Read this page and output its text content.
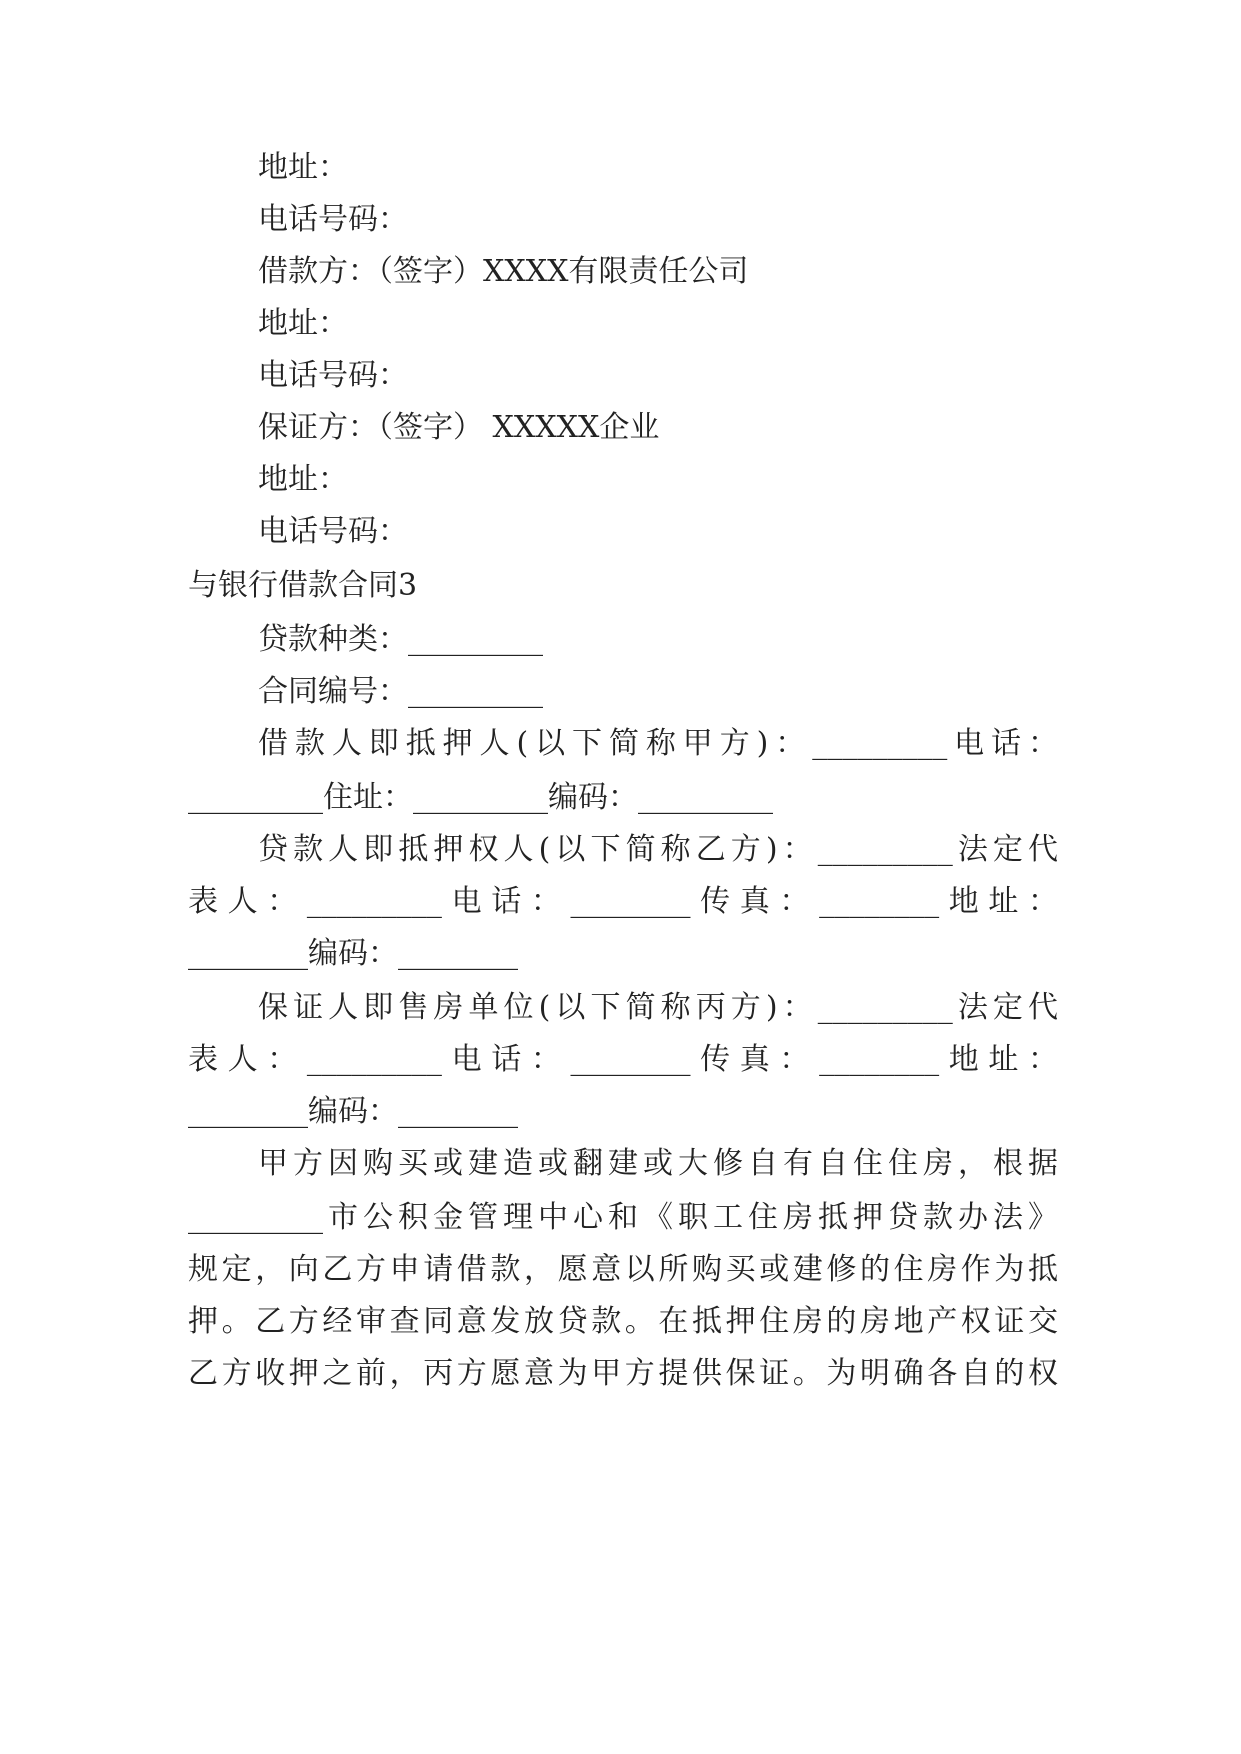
地址：

电话号码：

借款方：（签字）XXXX有限责任公司

地址：

电话号码：

保证方：（签字） XXXXX企业

地址：

电话号码：

与银行借款合同3

贷款种类：_________

合同编号：_________

借款人即抵押人(以下简称甲方)：_________电话：

_________住址：_________编码：_________

贷款人即抵押权人(以下简称乙方)：_________法定代

表人：_________电话：________传真：________地址：

________编码：________

保证人即售房单位(以下简称丙方)：_________法定代

表人：_________电话：________传真：________地址：

________编码：________

甲方因购买或建造或翻建或大修自有自住住房，根据

_________市公积金管理中心和《职工住房抵押贷款办法》

规定，向乙方申请借款，愿意以所购买或建修的住房作为抵

押。乙方经审查同意发放贷款。在抵押住房的房地产权证交

乙方收押之前，丙方愿意为甲方提供保证。为明确各自的权
